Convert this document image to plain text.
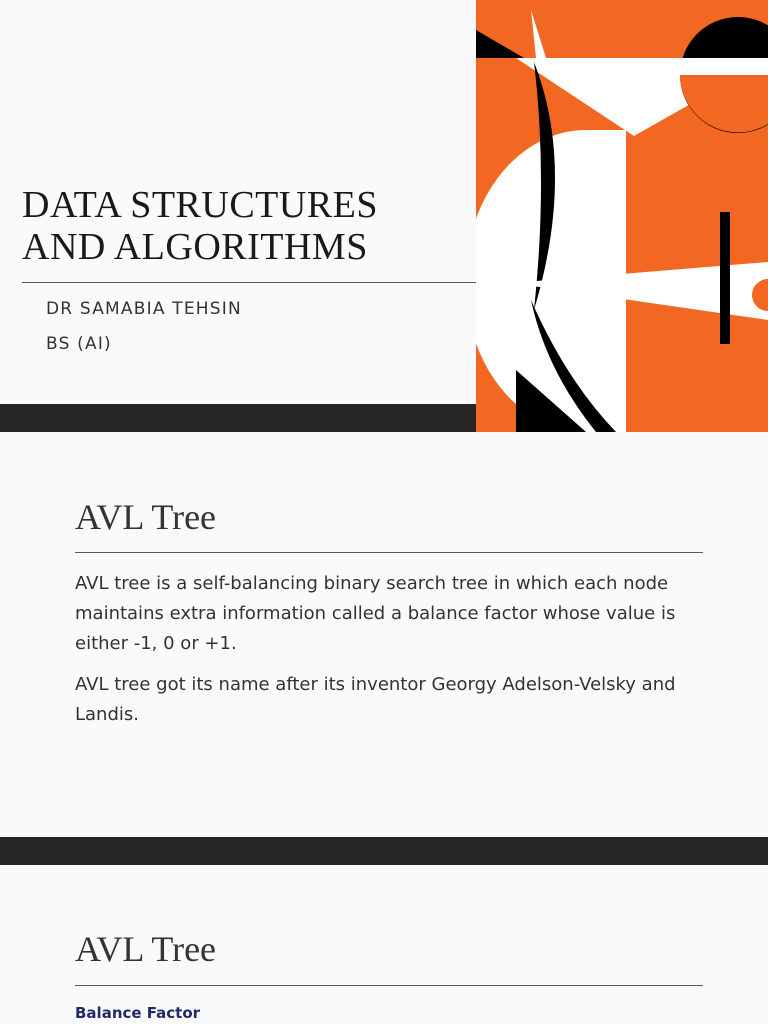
DATA STRUCTURES
AND ALGORITHMS
DR SAMABIA TEHSIN
BS (AI)
AVL Tree

AVL tree is a self-balancing binary search tree in which each node maintains extra information called a balance factor whose value is either -1, 0 or +1.

AVL tree got its name after its inventor Georgy Adelson-Velsky and Landis.

AVL Tree

Balance Factor
